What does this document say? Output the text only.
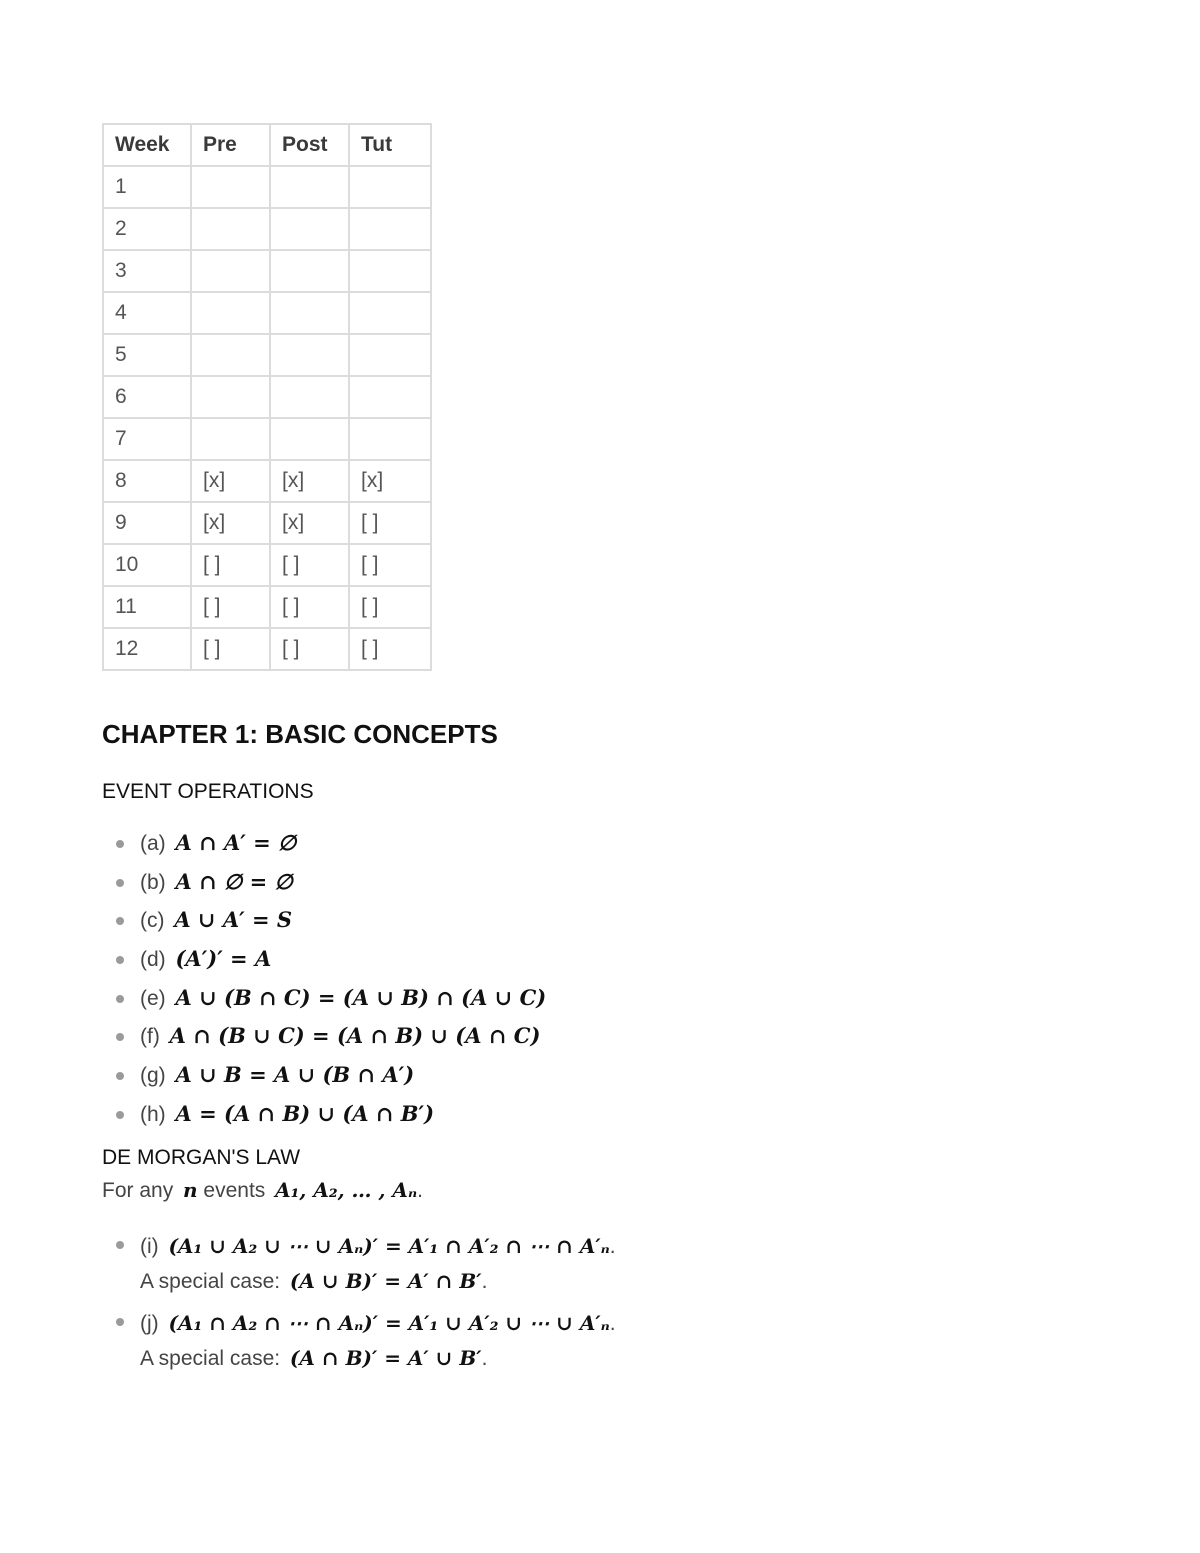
Week	Pre	Post	Tut
1			
2			
3			
4			
5			
6			
7			
8	[x]	[x]	[x]
9	[x]	[x]	[ ]
10	[ ]	[ ]	[ ]
11	[ ]	[ ]	[ ]
12	[ ]	[ ]	[ ]
CHAPTER 1: BASIC CONCEPTS
EVENT OPERATIONS
(a) A ∩ A′ = ∅
(b) A ∩ ∅ = ∅
(c) A ∪ A′ = S
(d) (A′)′ = A
(e) A ∪ (B ∩ C) = (A ∪ B) ∩ (A ∪ C)
(f) A ∩ (B ∪ C) = (A ∩ B) ∪ (A ∩ C)
(g) A ∪ B = A ∪ (B ∩ A′)
(h) A = (A ∩ B) ∪ (A ∩ B′)
DE MORGAN'S LAW

For any n events A₁, A₂, … , Aₙ.

(i) (A₁ ∪ A₂ ∪ ⋯ ∪ Aₙ)′ = A′₁ ∩ A′₂ ∩ ⋯ ∩ A′ₙ.
A special case: (A ∪ B)′ = A′ ∩ B′.
(j) (A₁ ∩ A₂ ∩ ⋯ ∩ Aₙ)′ = A′₁ ∪ A′₂ ∪ ⋯ ∪ A′ₙ.
A special case: (A ∩ B)′ = A′ ∪ B′.
